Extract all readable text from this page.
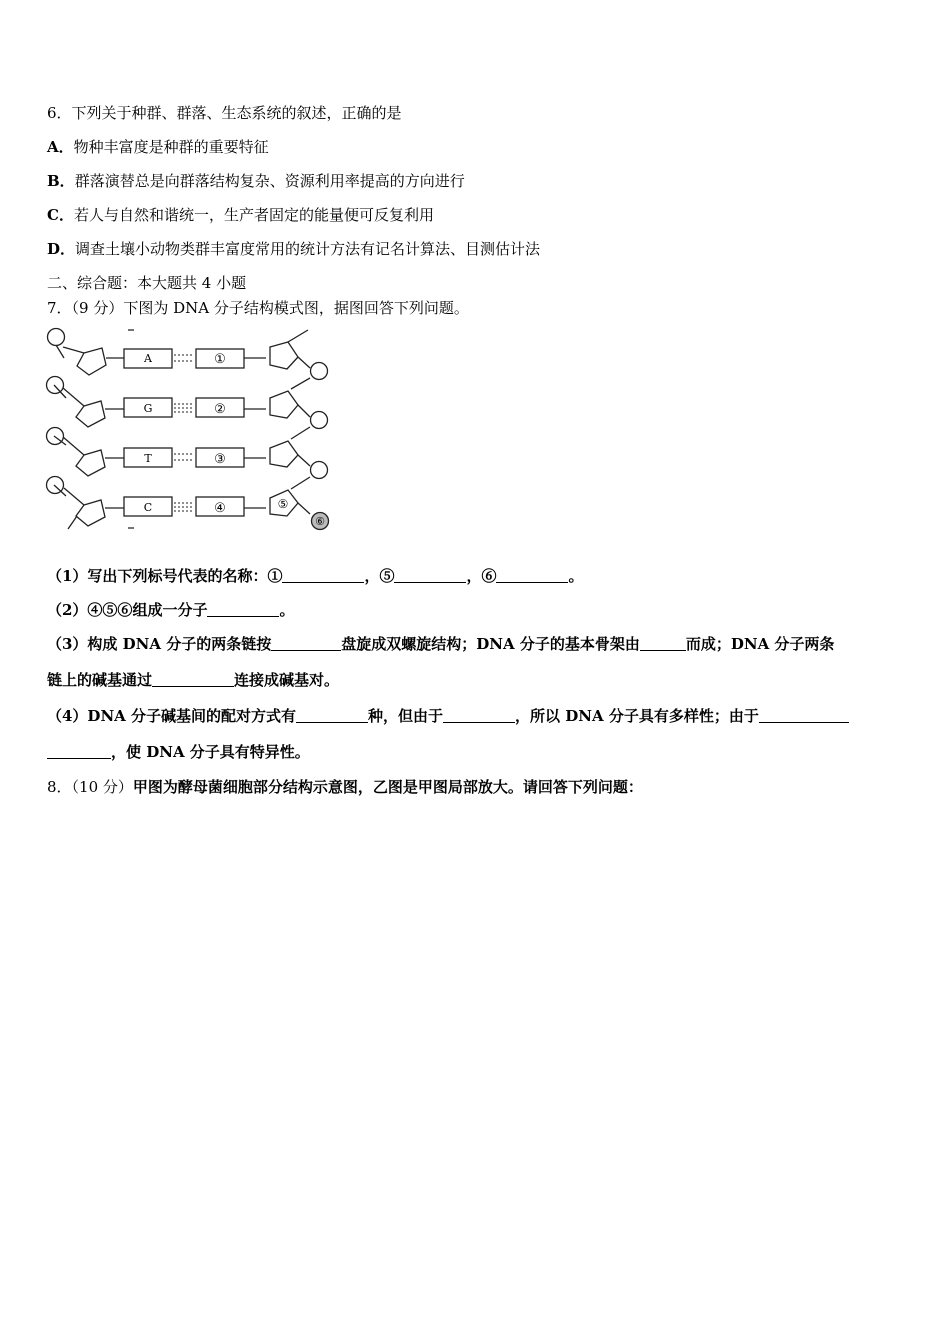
6．下列关于种群、群落、生态系统的叙述，正确的是
A．物种丰富度是种群的重要特征
B．群落演替总是向群落结构复杂、资源利用率提高的方向进行
C．若人与自然和谐统一，生产者固定的能量便可反复利用
D．调查土壤小动物类群丰富度常用的统计方法有记名计算法、目测估计法
二、综合题：本大题共 4 小题
7．（9 分）下图为 DNA 分子结构模式图，据图回答下列问题。
A
G
T
C
①
②
③
④	⑤
⑥
（1）写出下列标号代表的名称：①	，⑤	，⑥	。
（2）④⑤⑥组成一分子	。
（3）构成 DNA 分子的两条链按	盘旋成双螺旋结构；DNA 分子的基本骨架由	而成；DNA 分子两条
链上的碱基通过	连接成碱基对。
（4）DNA 分子碱基间的配对方式有	种，但由于	，所以 DNA 分子具有多样性；由于
，使 DNA 分子具有特异性。
8．（10 分）甲图为酵母菌细胞部分结构示意图，乙图是甲图局部放大。请回答下列问题：
